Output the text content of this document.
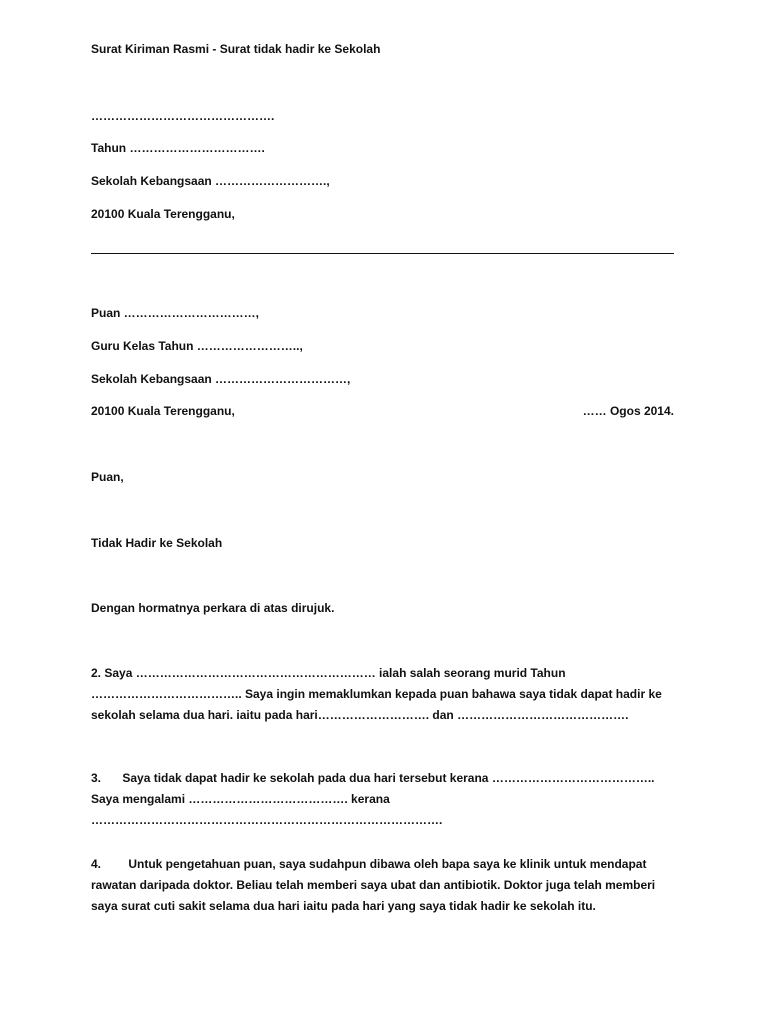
Surat Kiriman Rasmi - Surat tidak hadir ke Sekolah
……………………………………….
Tahun …………………………….
Sekolah Kebangsaan ……………………….,
20100 Kuala Terengganu,
Puan ……………………………,
Guru Kelas Tahun ……………………..,
Sekolah Kebangsaan ……………………………,
20100 Kuala Terengganu,	…… Ogos 2014.
Puan,
Tidak Hadir ke Sekolah
Dengan hormatnya perkara di atas dirujuk.
2. Saya …………………………………………………… ialah salah seorang murid Tahun ……………………………….. Saya ingin memaklumkan kepada puan bahawa saya tidak dapat hadir ke sekolah selama dua hari. iaitu pada hari………………………. dan …………………………………….
3. Saya tidak dapat hadir ke sekolah pada dua hari tersebut kerana ………………………………….. Saya mengalami …………………………………. kerana …………………………………………………………………………….
4. Untuk pengetahuan puan, saya sudahpun dibawa oleh bapa saya ke klinik untuk mendapat rawatan daripada doktor. Beliau telah memberi saya ubat dan antibiotik. Doktor juga telah memberi saya surat cuti sakit selama dua hari iaitu pada hari yang saya tidak hadir ke sekolah itu.
